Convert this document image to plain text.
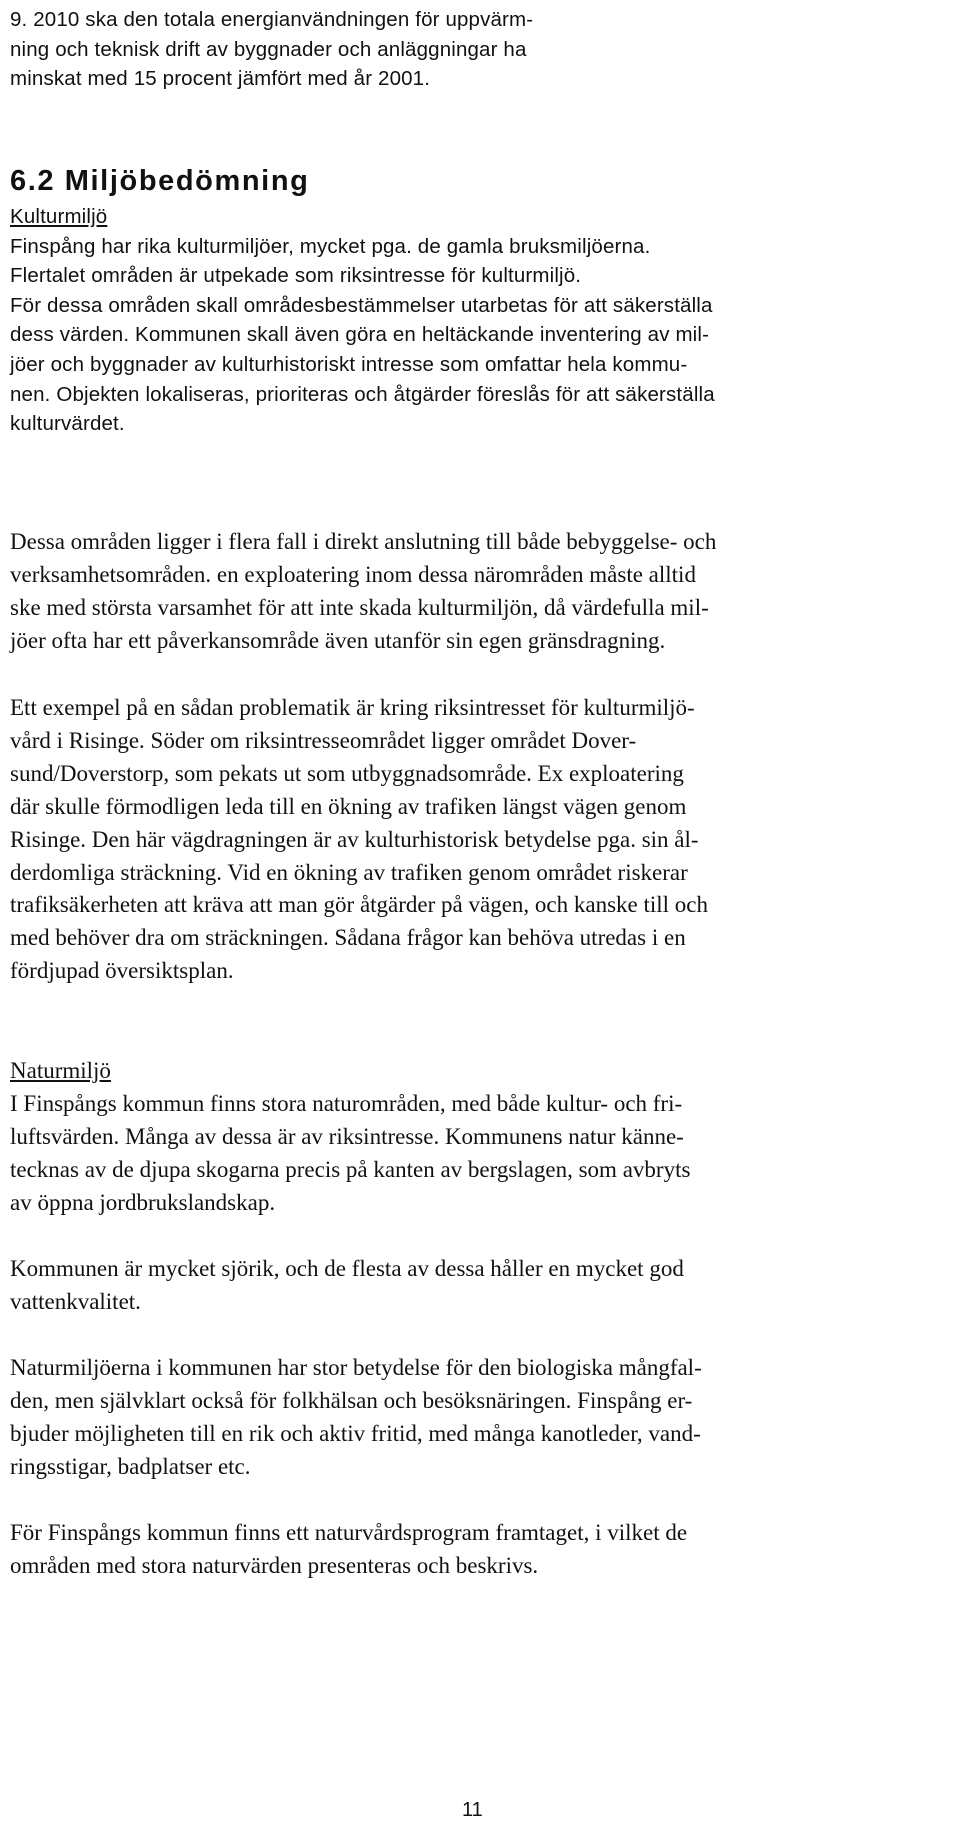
9. 2010 ska den totala energianvändningen för uppvärm-
ning och teknisk drift av byggnader och anläggningar ha
minskat med 15 procent jämfört med år 2001.
6.2 Miljöbedömning
Kulturmiljö
Finspång har rika kulturmiljöer, mycket pga. de gamla bruksmiljöerna.
Flertalet områden är utpekade som riksintresse för kulturmiljö.
För dessa områden skall områdesbestämmelser utarbetas för att säkerställa
dess värden. Kommunen skall även göra en heltäckande inventering av mil-
jöer och byggnader av kulturhistoriskt intresse som omfattar hela kommu-
nen. Objekten lokaliseras, prioriteras och åtgärder föreslås för att säkerställa
kulturvärdet.
Dessa områden ligger i flera fall i direkt anslutning till både bebyggelse- och
verksamhetsområden. en exploatering inom dessa närområden måste alltid
ske med största varsamhet för att inte skada kulturmiljön, då värdefulla mil-
jöer ofta har ett påverkansområde även utanför sin egen gränsdragning.
Ett exempel på en sådan problematik är kring riksintresset för kulturmiljö-
vård i Risinge. Söder om riksintresseområdet ligger området Dover-
sund/Doverstorp, som pekats ut som utbyggnadsområde. Ex exploatering
där skulle förmodligen leda till en ökning av trafiken längst vägen genom
Risinge. Den här vägdragningen är av kulturhistorisk betydelse pga. sin ål-
derdomliga sträckning. Vid en ökning av trafiken genom området riskerar
trafiksäkerheten att kräva att man gör åtgärder på vägen, och kanske till och
med behöver dra om sträckningen. Sådana frågor kan behöva utredas i en
fördjupad översiktsplan.
Naturmiljö
I Finspångs kommun finns stora naturområden, med både kultur- och fri-
luftsvärden. Många av dessa är av riksintresse. Kommunens natur känne-
tecknas av de djupa skogarna precis på kanten av bergslagen, som avbryts
av öppna jordbrukslandskap.
Kommunen är mycket sjörik, och de flesta av dessa håller en mycket god
vattenkvalitet.
Naturmiljöerna i kommunen har stor betydelse för den biologiska mångfal-
den, men självklart också för folkhälsan och besöksnäringen. Finspång er-
bjuder möjligheten till en rik och aktiv fritid, med många kanotleder, vand-
ringsstigar, badplatser etc.
För Finspångs kommun finns ett naturvårdsprogram framtaget, i vilket de
områden med stora naturvärden presenteras och beskrivs.
11
